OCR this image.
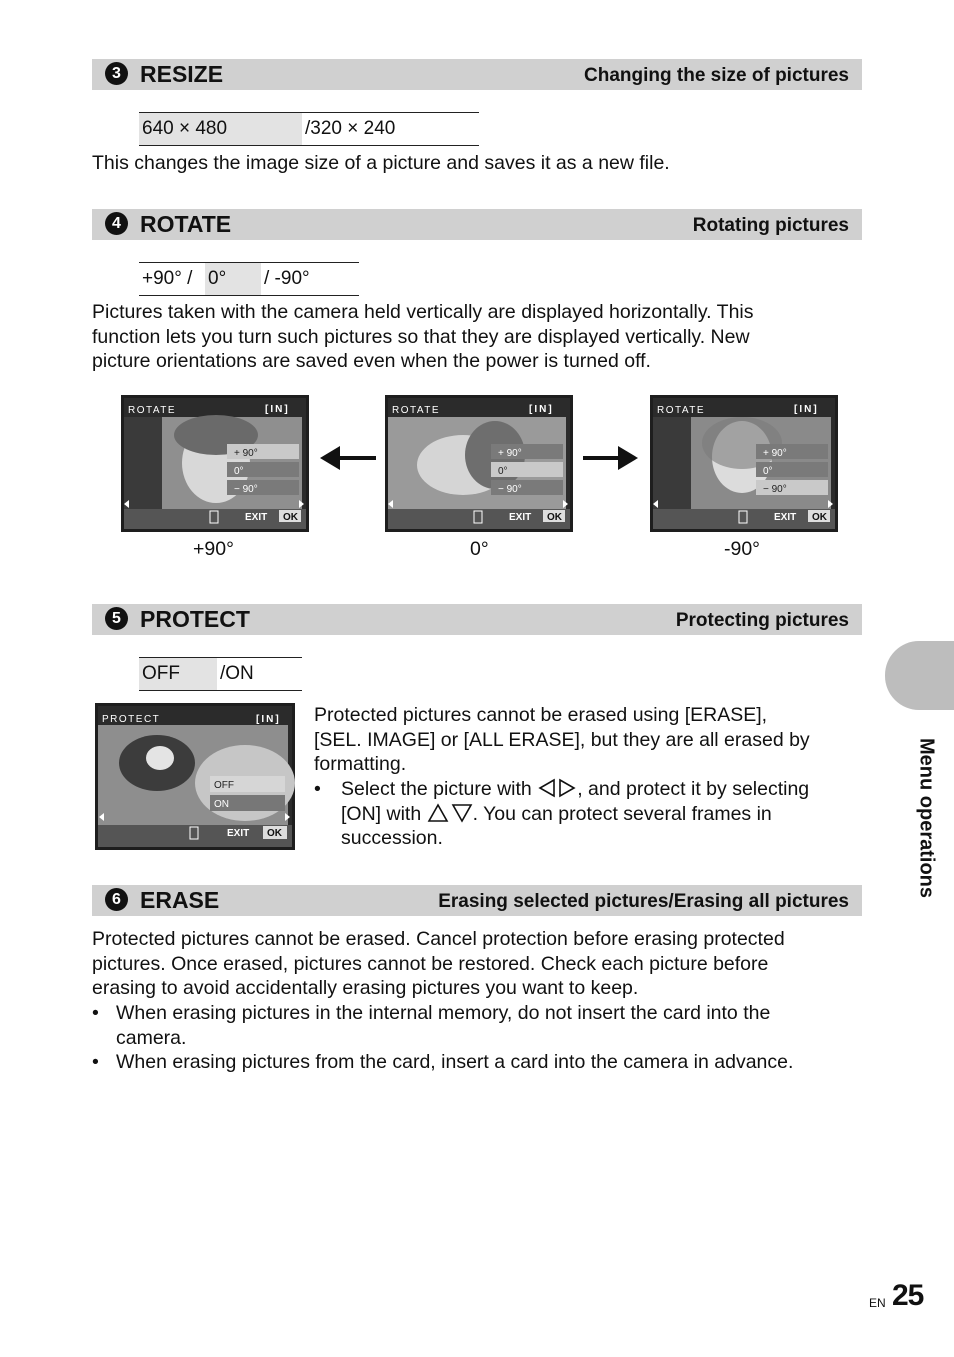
3 RESIZE	Changing the size of pictures
640 × 480	/320 × 240
This changes the image size of a picture and saves it as a new file.
4 ROTATE	Rotating pictures
+90° / 0°	/ -90°
Pictures taken with the camera held vertically are displayed horizontally. This
function lets you turn such pictures so that they are displayed vertically. New
picture orientations are saved even when the power is turned off.
ROTATE	[IN]
+ 90°
0°
− 90°
EXIT OK
ROTATE	[IN]
+ 90°
0°
− 90°
EXIT OK
ROTATE	[IN]
+ 90°
0°
− 90°
EXIT OK
+90°	0°	-90°
5 PROTECT	Protecting pictures
OFF	/ON
PROTECT	[IN]
OFF
ON
EXIT OK
Protected pictures cannot be erased using [ERASE],
[SEL. IMAGE] or [ALL ERASE], but they are all erased by
formatting.
• Select the picture with , and protect it by selecting
[ON] with	. You can protect several frames in
succession.
6 ERASE	Erasing selected pictures/Erasing all pictures
Protected pictures cannot be erased. Cancel protection before erasing protected
pictures. Once erased, pictures cannot be restored. Check each picture before
erasing to avoid accidentally erasing pictures you want to keep.
• When erasing pictures in the internal memory, do not insert the card into the
camera.
• When erasing pictures from the card, insert a card into the camera in advance.
Menu operations
EN 25
